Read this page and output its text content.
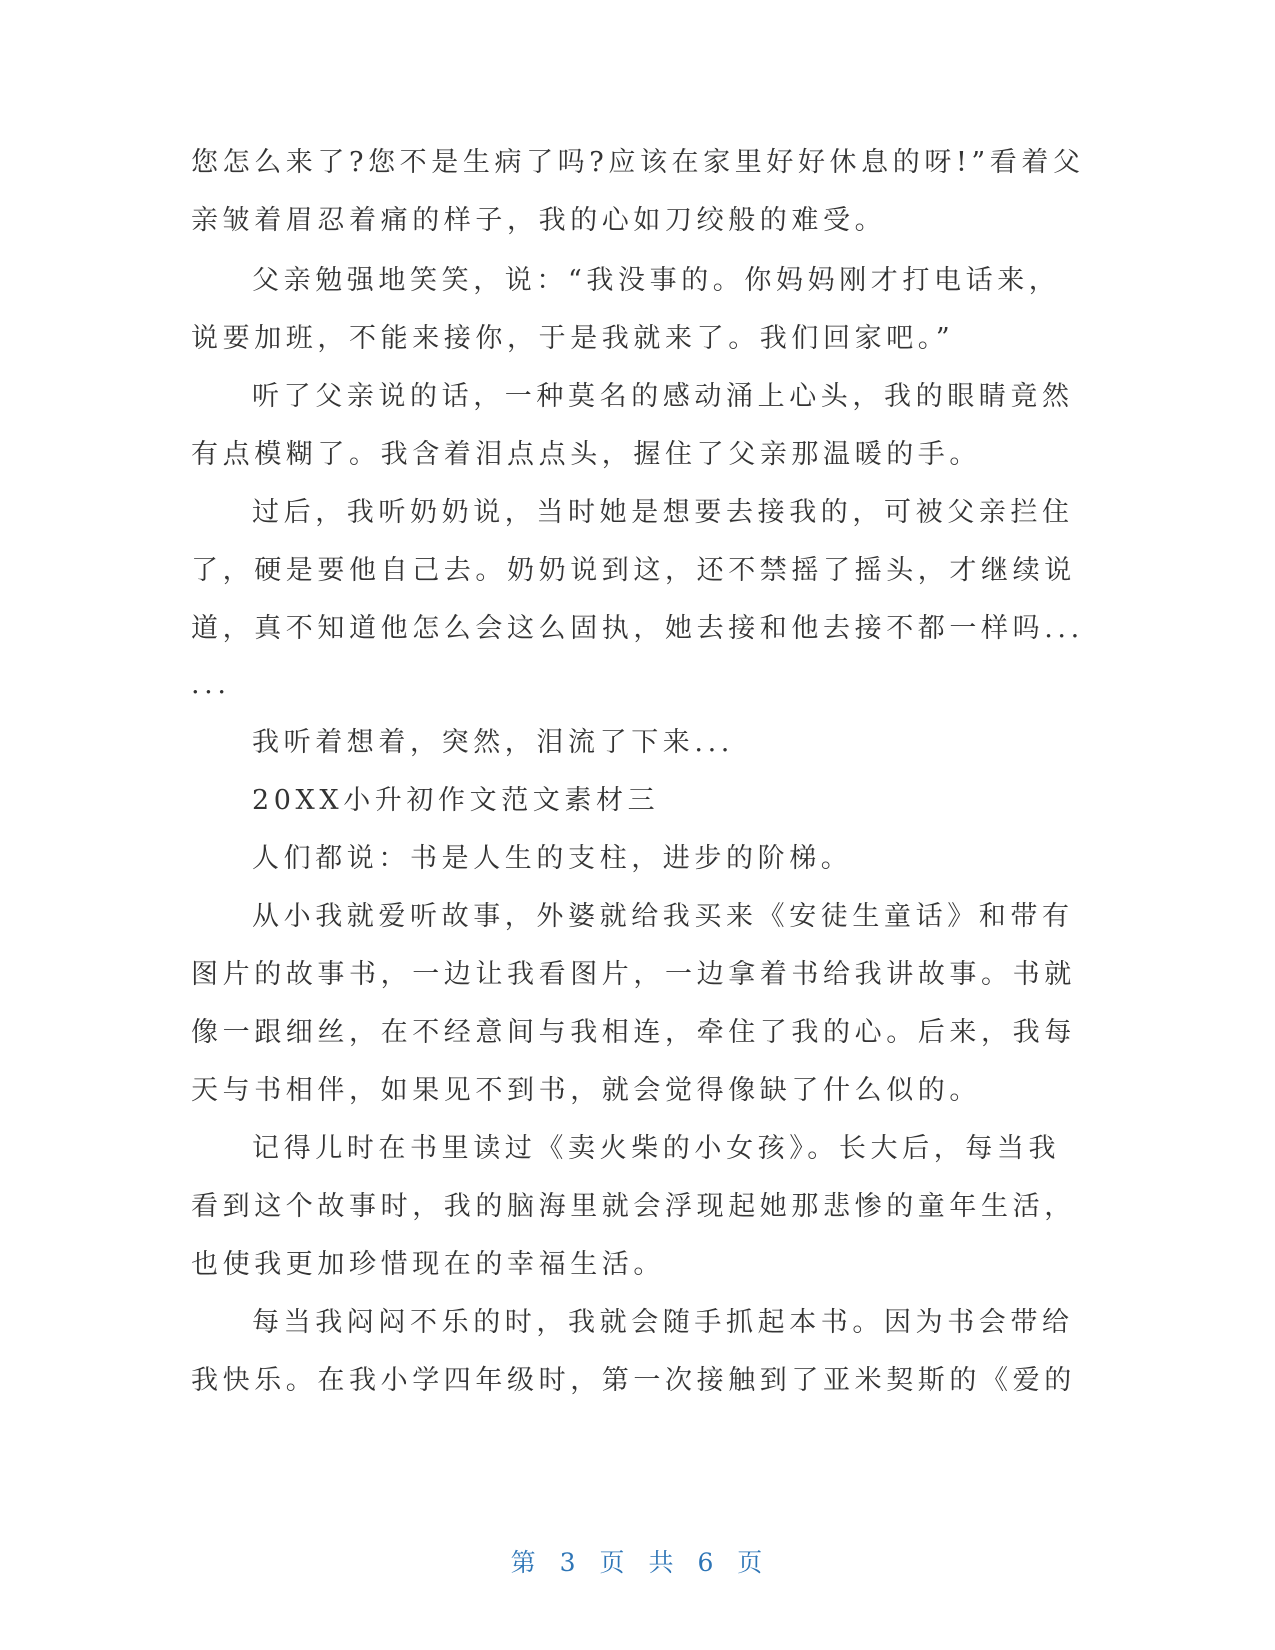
您怎么来了?您不是生病了吗?应该在家里好好休息的呀!”看着父
亲皱着眉忍着痛的样子，我的心如刀绞般的难受。
父亲勉强地笑笑，说：“我没事的。你妈妈刚才打电话来，
说要加班，不能来接你，于是我就来了。我们回家吧。”
听了父亲说的话，一种莫名的感动涌上心头，我的眼睛竟然
有点模糊了。我含着泪点点头，握住了父亲那温暖的手。
过后，我听奶奶说，当时她是想要去接我的，可被父亲拦住
了，硬是要他自己去。奶奶说到这，还不禁摇了摇头，才继续说
道，真不知道他怎么会这么固执，她去接和他去接不都一样吗...
...
我听着想着，突然，泪流了下来...
20XX小升初作文范文素材三
人们都说：书是人生的支柱，进步的阶梯。
从小我就爱听故事，外婆就给我买来《安徒生童话》和带有
图片的故事书，一边让我看图片，一边拿着书给我讲故事。书就
像一跟细丝，在不经意间与我相连，牵住了我的心。后来，我每
天与书相伴，如果见不到书，就会觉得像缺了什么似的。
记得儿时在书里读过《卖火柴的小女孩》。长大后，每当我
看到这个故事时，我的脑海里就会浮现起她那悲惨的童年生活，
也使我更加珍惜现在的幸福生活。
每当我闷闷不乐的时，我就会随手抓起本书。因为书会带给
我快乐。在我小学四年级时，第一次接触到了亚米契斯的《爱的
第 3 页 共 6 页
